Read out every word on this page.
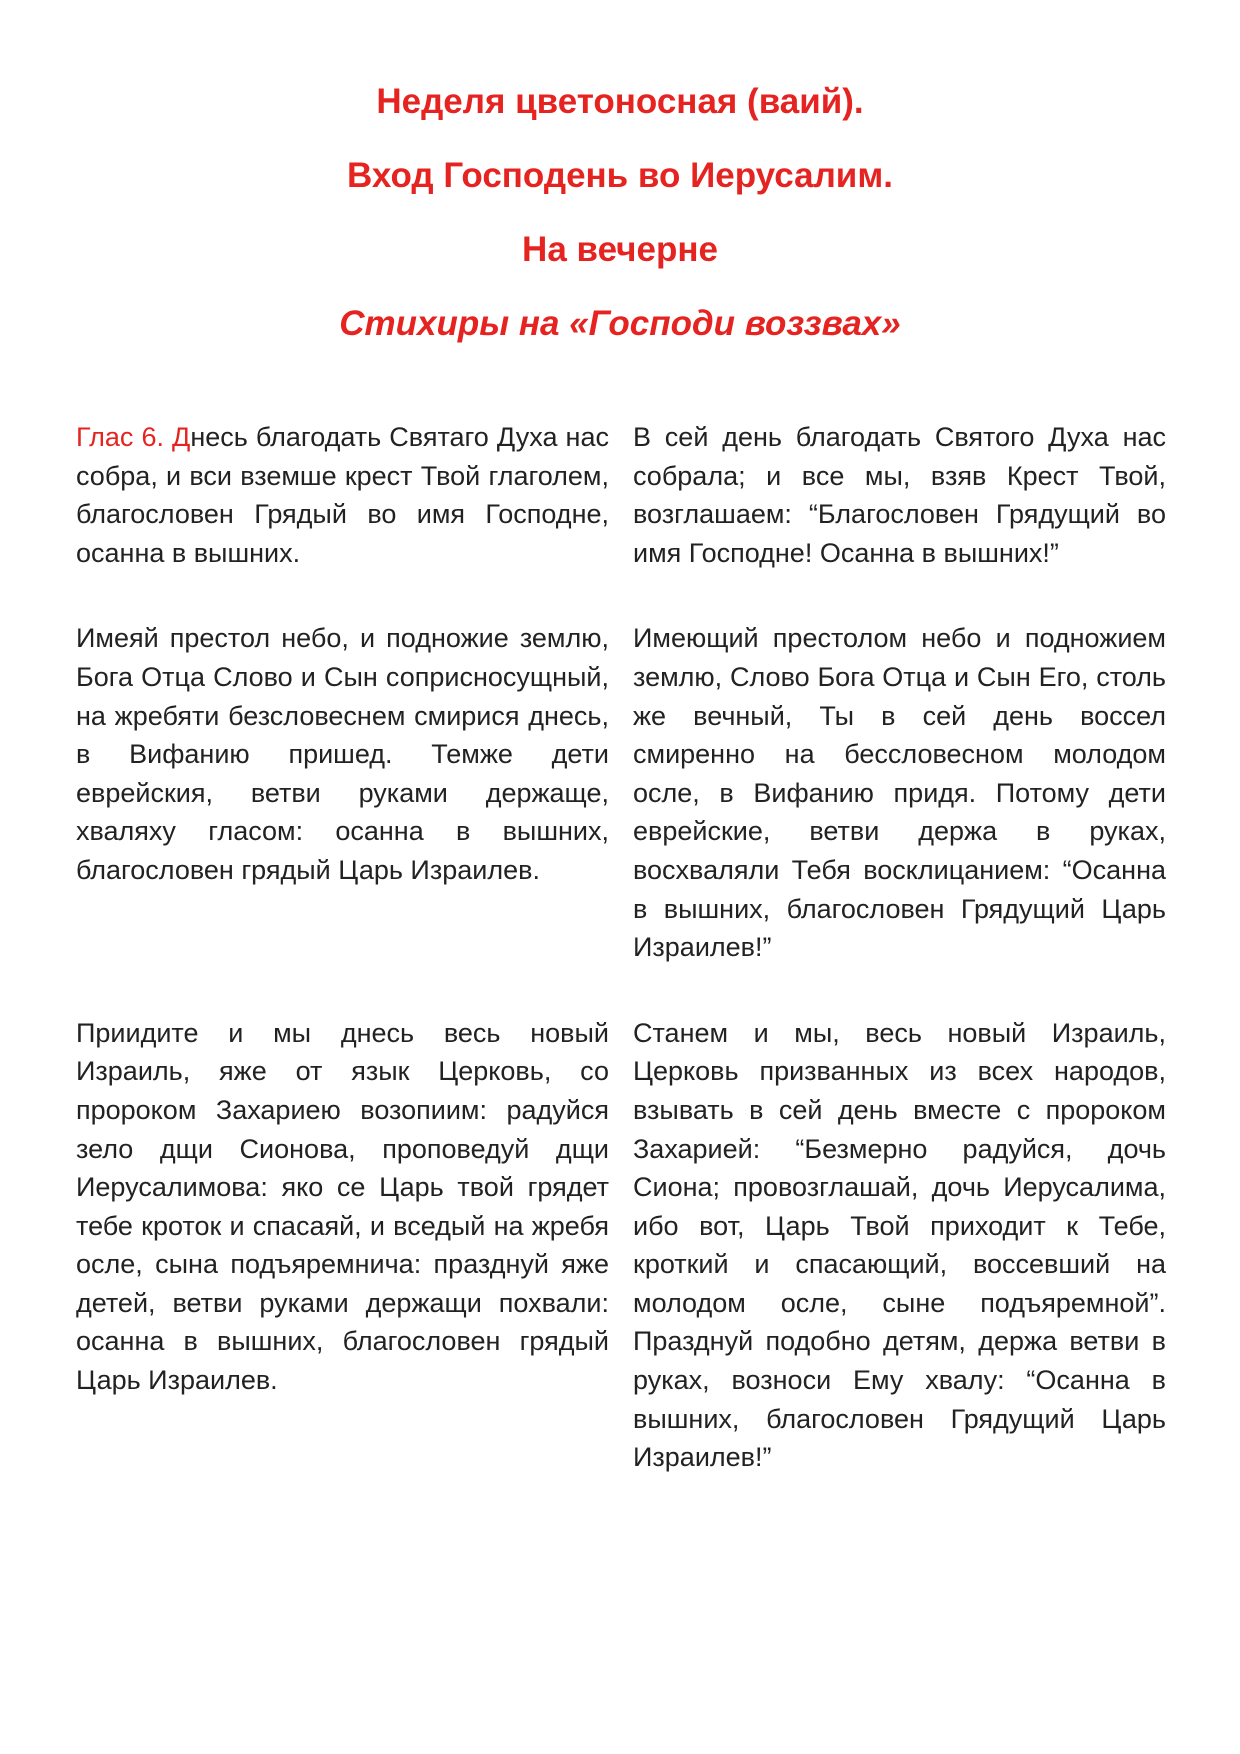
Неделя цветоносная (ваий).
Вход Господень во Иерусалим.
На вечерне
Стихиры на «Господи воззвах»
Глас 6. Днесь благодать Святаго Духа нас собра, и вси вземше крест Твой глаголем, благословен Грядый во имя Господне, осанна в вышних.
В сей день благодать Святого Духа нас собрала; и все мы, взяв Крест Твой, возглашаем: “Благословен Грядущий во имя Господне! Осанна в вышних!”
Имеяй престол небо, и подножие землю, Бога Отца Слово и Сын соприсносущный, на жребяти безсловеснем смирися днесь, в Вифанию пришед. Темже дети еврейския, ветви руками держаще, хваляху гласом: осанна в вышних, благословен грядый Царь Израилев.
Имеющий престолом небо и подножием землю, Слово Бога Отца и Сын Его, столь же вечный, Ты в сей день воссел смиренно на бессловесном молодом осле, в Вифанию придя. Потому дети еврейские, ветви держа в руках, восхваляли Тебя восклицанием: “Осанна в вышних, благословен Грядущий Царь Израилев!”
Приидите и мы днесь весь новый Израиль, яже от язык Церковь, со пророком Захариею возопиим: радуйся зело дщи Сионова, проповедуй дщи Иерусалимова: яко се Царь твой грядет тебе кроток и спасаяй, и вседый на жребя осле, сына подъяремнича: празднуй яже детей, ветви руками держащи похвали: осанна в вышних, благословен грядый Царь Израилев.
Станем и мы, весь новый Израиль, Церковь призванных из всех народов, взывать в сей день вместе с пророком Захарией: “Безмерно радуйся, дочь Сиона; провозглашай, дочь Иерусалима, ибо вот, Царь Твой приходит к Тебе, кроткий и спасающий, воссевший на молодом осле, сыне подъяремной”. Празднуй подобно детям, держа ветви в руках, возноси Ему хвалу: “Осанна в вышних, благословен Грядущий Царь Израилев!”
